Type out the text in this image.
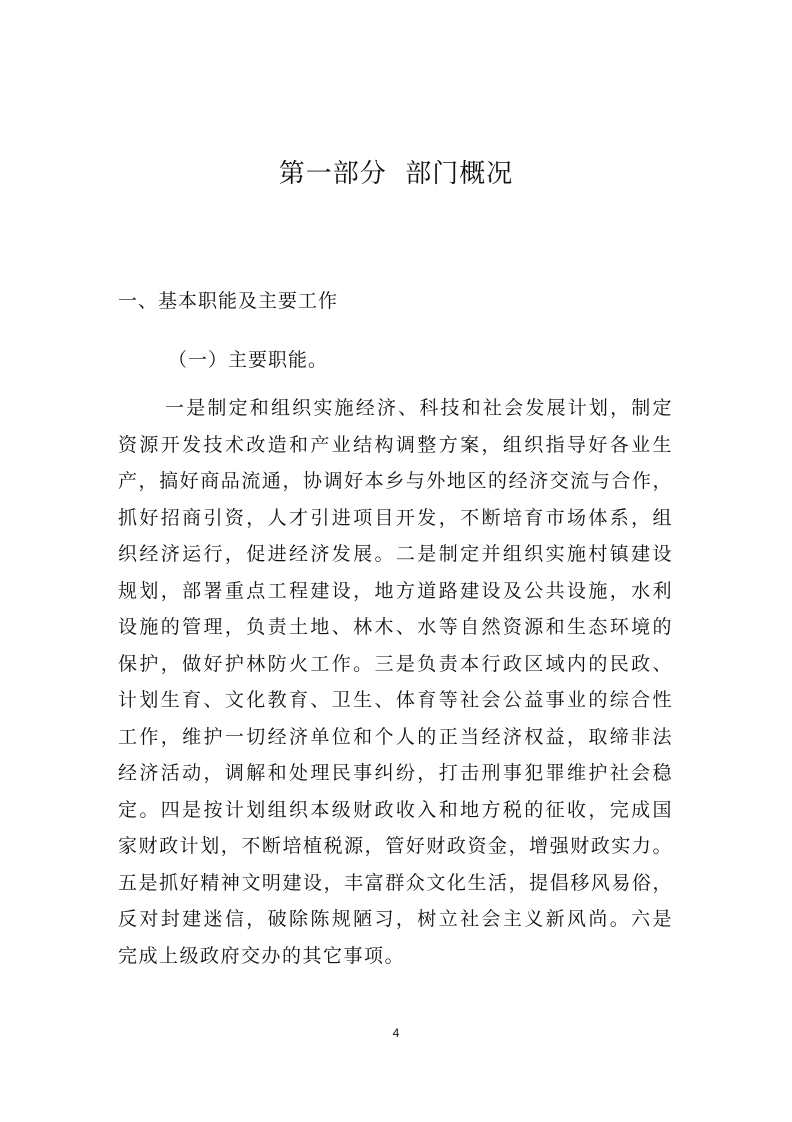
第一部分  部门概况
一、基本职能及主要工作
（一）主要职能。
一是制定和组织实施经济、科技和社会发展计划，制定
资源开发技术改造和产业结构调整方案，组织指导好各业生
产，搞好商品流通，协调好本乡与外地区的经济交流与合作，
抓好招商引资，人才引进项目开发，不断培育市场体系，组
织经济运行，促进经济发展。二是制定并组织实施村镇建设
规划，部署重点工程建设，地方道路建设及公共设施，水利
设施的管理，负责土地、林木、水等自然资源和生态环境的
保护，做好护林防火工作。三是负责本行政区域内的民政、
计划生育、文化教育、卫生、体育等社会公益事业的综合性
工作，维护一切经济单位和个人的正当经济权益，取缔非法
经济活动，调解和处理民事纠纷，打击刑事犯罪维护社会稳
定。四是按计划组织本级财政收入和地方税的征收，完成国
家财政计划，不断培植税源，管好财政资金，增强财政实力。
五是抓好精神文明建设，丰富群众文化生活，提倡移风易俗，
反对封建迷信，破除陈规陋习，树立社会主义新风尚。六是
完成上级政府交办的其它事项。
4
